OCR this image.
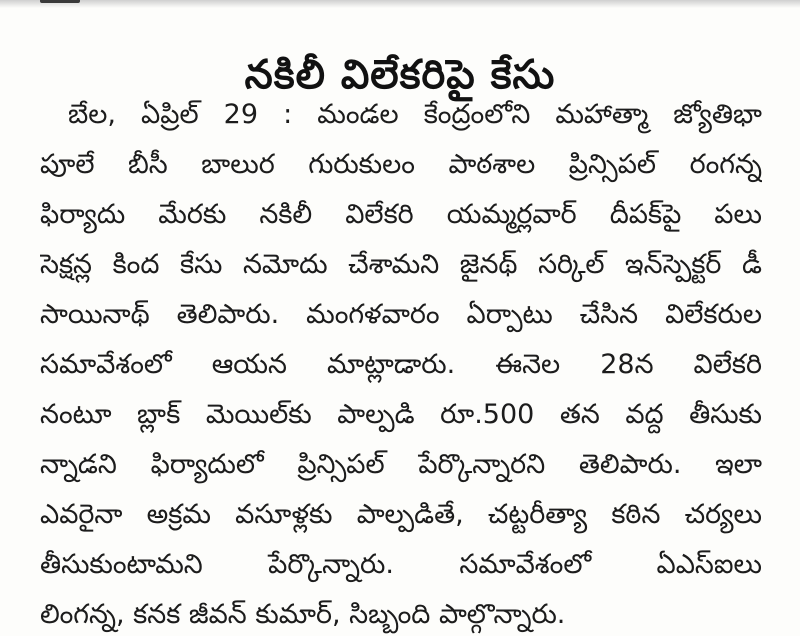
నకిలీ విలేకరిపై కేసు
బేల, ఏప్రిల్ 29 : మండల కేంద్రంలోని మహాత్మా జ్యోతిభా
పూలే బీసీ బాలుర గురుకులం పాఠశాల ప్రిన్సిపల్ రంగన్న
ఫిర్యాదు మేరకు నకిలీ విలేకరి యమ్మర్లవార్ దీపక్‌పై పలు
సెక్షన్ల కింద కేసు నమోదు చేశామని జైనథ్ సర్కిల్ ఇన్‌స్పెక్టర్ డీ
సాయినాథ్ తెలిపారు. మంగళవారం ఏర్పాటు చేసిన విలేకరుల
సమావేశంలో ఆయన మాట్లాడారు. ఈనెల 28న విలేకరి
నంటూ బ్లాక్ మెయిల్‌కు పాల్పడి రూ.500 తన వద్ద తీసుకు
న్నాడని ఫిర్యాదులో ప్రిన్సిపల్ పేర్కొన్నారని తెలిపారు. ఇలా
ఎవరైనా అక్రమ వసూళ్లకు పాల్పడితే, చట్టరీత్యా కఠిన చర్యలు
తీసుకుంటామని పేర్కొన్నారు. సమావేశంలో ఏఎస్ఐలు
లింగన్న, కనక జీవన్ కుమార్, సిబ్బంది పాల్గొన్నారు.
